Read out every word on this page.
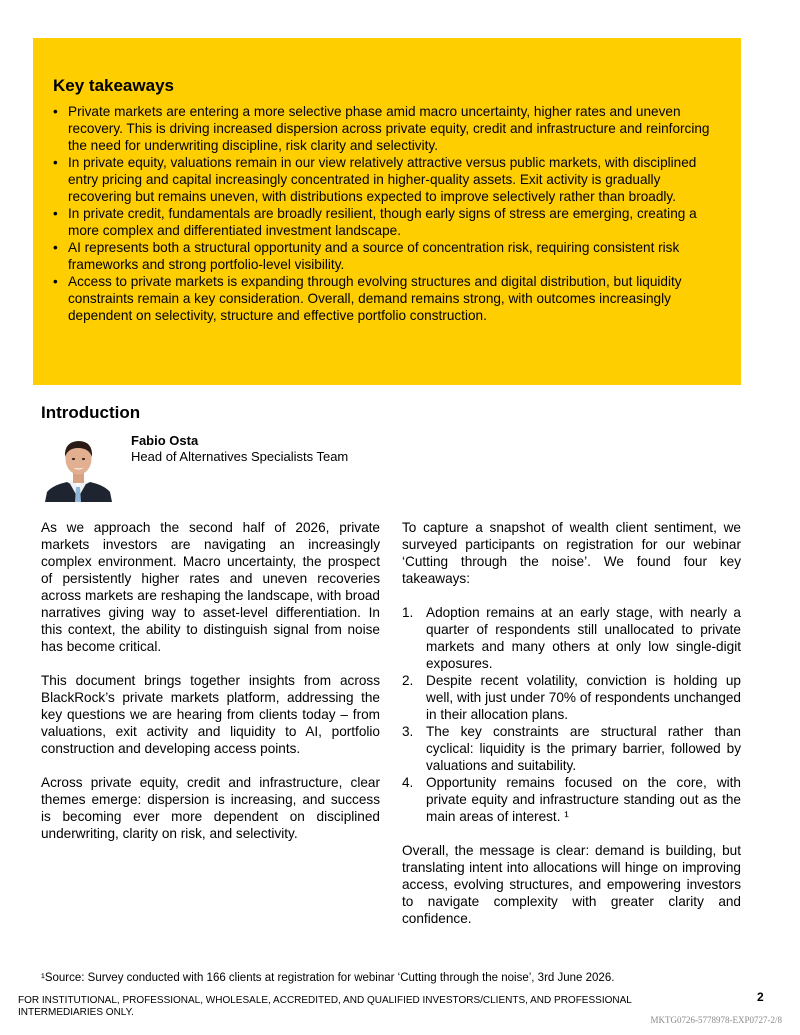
Key takeaways
• Private markets are entering a more selective phase amid macro uncertainty, higher rates and uneven recovery. This is driving increased dispersion across private equity, credit and infrastructure and reinforcing the need for underwriting discipline, risk clarity and selectivity.
• In private equity, valuations remain in our view relatively attractive versus public markets, with disciplined entry pricing and capital increasingly concentrated in higher-quality assets. Exit activity is gradually recovering but remains uneven, with distributions expected to improve selectively rather than broadly.
• In private credit, fundamentals are broadly resilient, though early signs of stress are emerging, creating a more complex and differentiated investment landscape.
• AI represents both a structural opportunity and a source of concentration risk, requiring consistent risk frameworks and strong portfolio-level visibility.
• Access to private markets is expanding through evolving structures and digital distribution, but liquidity constraints remain a key consideration. Overall, demand remains strong, with outcomes increasingly dependent on selectivity, structure and effective portfolio construction.
Introduction
Fabio Osta
Head of Alternatives Specialists Team

As we approach the second half of 2026, private markets investors are navigating an increasingly complex environment. Macro uncertainty, the prospect of persistently higher rates and uneven recoveries across markets are reshaping the landscape, with broad narratives giving way to asset-level differentiation. In this context, the ability to distinguish signal from noise has become critical.

This document brings together insights from across BlackRock’s private markets platform, addressing the key questions we are hearing from clients today – from valuations, exit activity and liquidity to AI, portfolio construction and developing access points.

Across private equity, credit and infrastructure, clear themes emerge: dispersion is increasing, and success is becoming ever more dependent on disciplined underwriting, clarity on risk, and selectivity.

To capture a snapshot of wealth client sentiment, we surveyed participants on registration for our webinar ‘Cutting through the noise’. We found four key takeaways:

1. Adoption remains at an early stage, with nearly a quarter of respondents still unallocated to private markets and many others at only low single-digit exposures.
2. Despite recent volatility, conviction is holding up well, with just under 70% of respondents unchanged in their allocation plans.
3. The key constraints are structural rather than cyclical: liquidity is the primary barrier, followed by valuations and suitability.
4. Opportunity remains focused on the core, with private equity and infrastructure standing out as the main areas of interest. ¹

Overall, the message is clear: demand is building, but translating intent into allocations will hinge on improving access, evolving structures, and empowering investors to navigate complexity with greater clarity and confidence.

¹Source: Survey conducted with 166 clients at registration for webinar ‘Cutting through the noise’, 3rd June 2026.
FOR INSTITUTIONAL, PROFESSIONAL, WHOLESALE, ACCREDITED, AND QUALIFIED INVESTORS/CLIENTS, AND PROFESSIONAL INTERMEDIARIES ONLY.
2
MKTG0726-5778978-EXP0727-2/8
